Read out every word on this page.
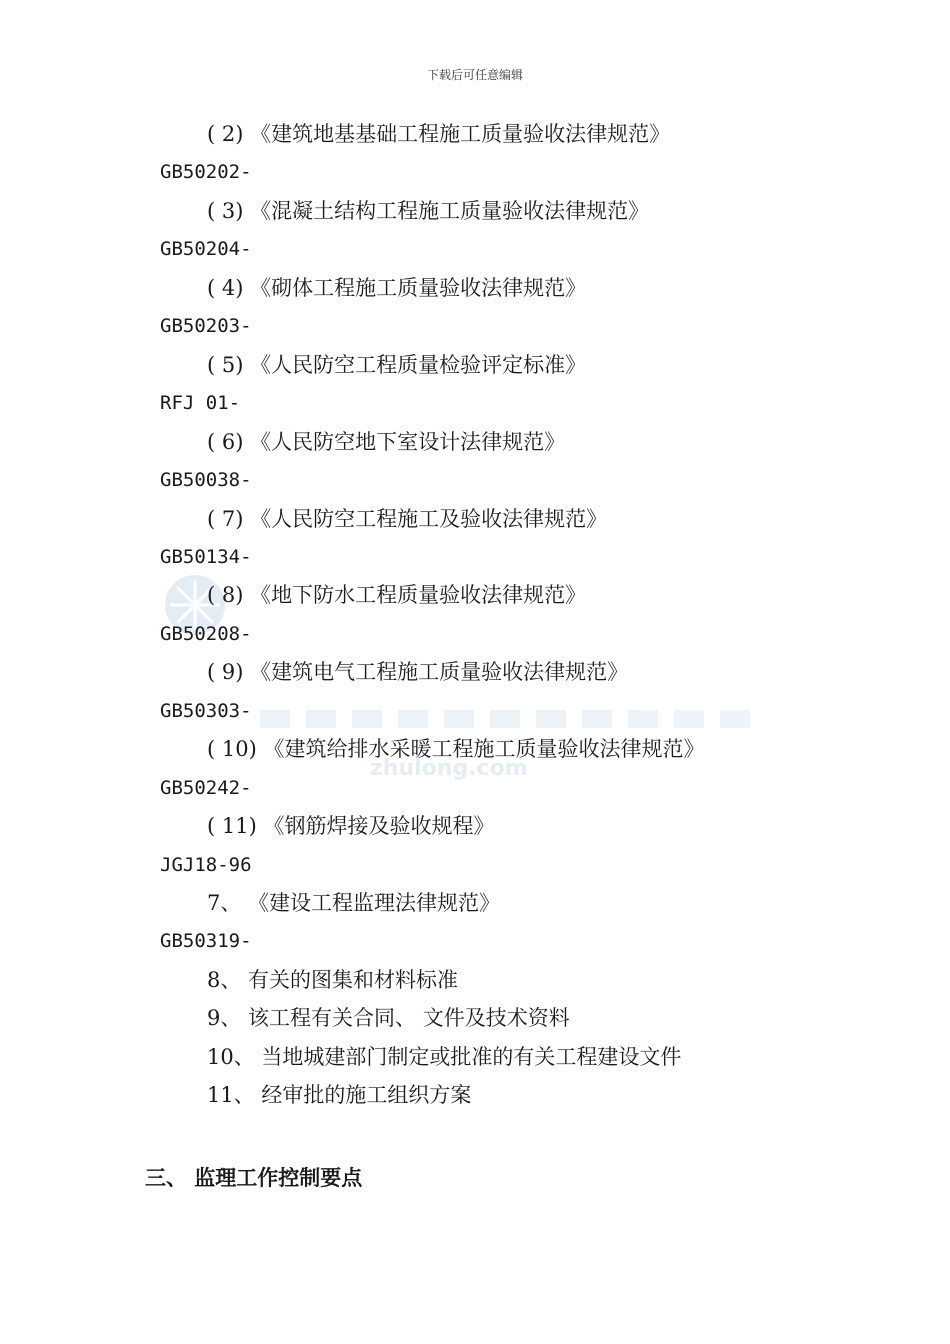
下载后可任意编辑
zhulong.com
( 2) 《建筑地基基础工程施工质量验收法律规范》
GB50202-
( 3) 《混凝土结构工程施工质量验收法律规范》
GB50204-
( 4) 《砌体工程施工质量验收法律规范》
GB50203-
( 5) 《人民防空工程质量检验评定标准》
RFJ 01-
( 6) 《人民防空地下室设计法律规范》
GB50038-
( 7) 《人民防空工程施工及验收法律规范》
GB50134-
( 8) 《地下防水工程质量验收法律规范》
GB50208-
( 9) 《建筑电气工程施工质量验收法律规范》
GB50303-
( 10) 《建筑给排水采暖工程施工质量验收法律规范》
GB50242-
( 11) 《钢筋焊接及验收规程》
JGJ18-96
7、 《建设工程监理法律规范》
GB50319-
8、 有关的图集和材料标准
9、 该工程有关合同、 文件及技术资料
10、 当地城建部门制定或批准的有关工程建设文件
11、 经审批的施工组织方案
三、 监理工作控制要点
